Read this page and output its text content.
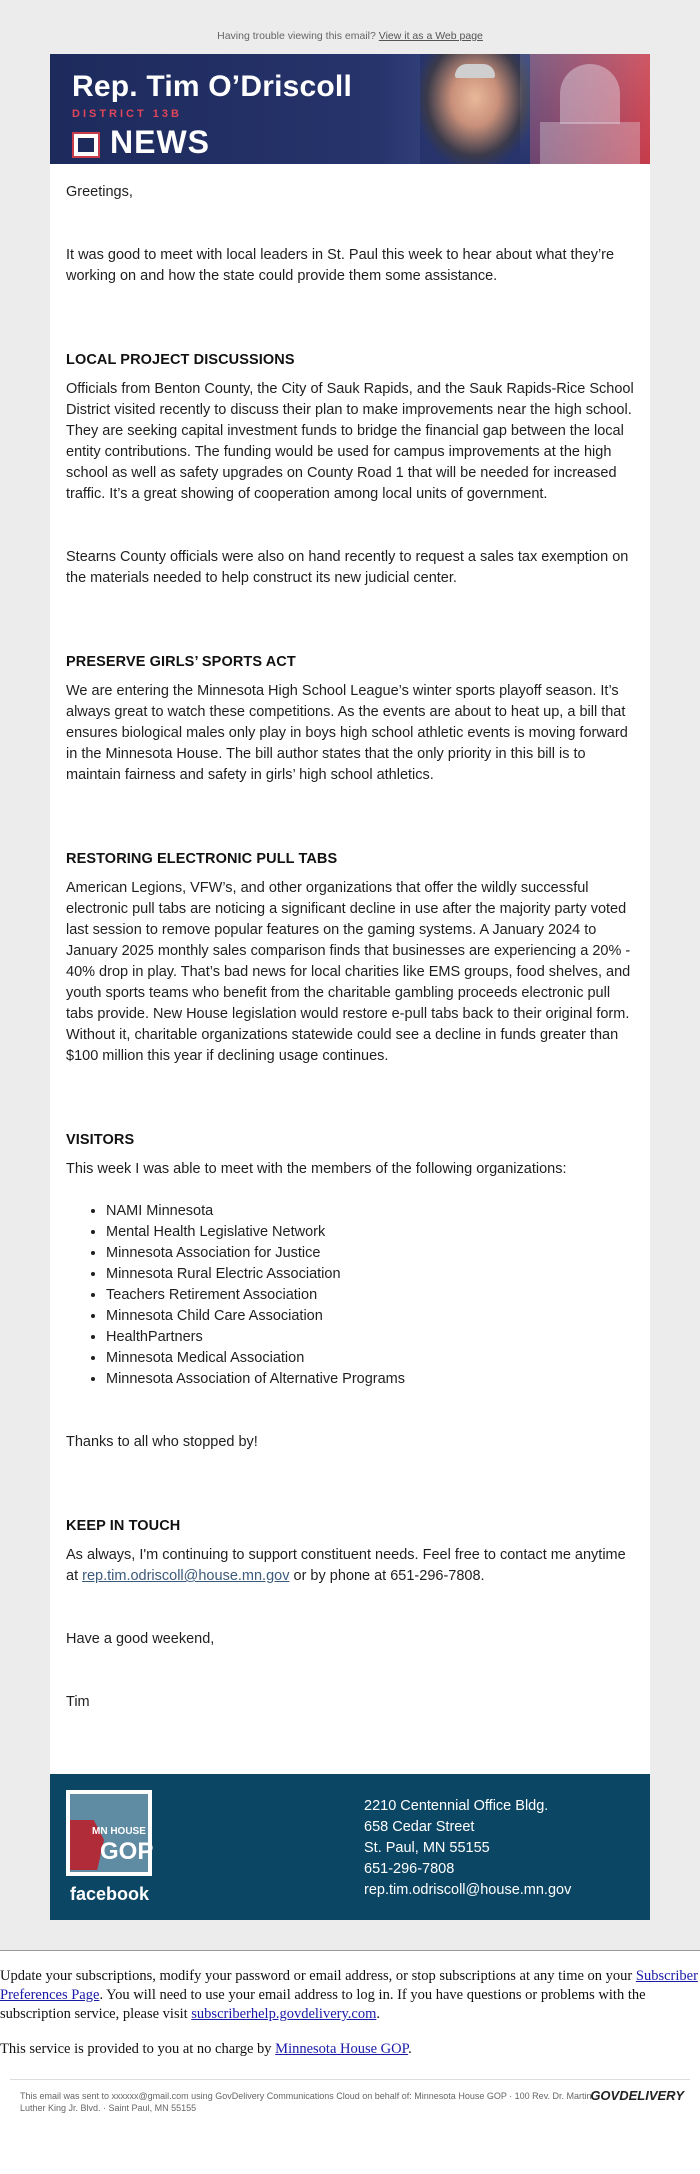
Having trouble viewing this email? View it as a Web page
Rep. Tim O’Driscoll
DISTRICT 13B
NEWS

Greetings,

It was good to meet with local leaders in St. Paul this week to hear about what they’re working on and how the state could provide them some assistance.

LOCAL PROJECT DISCUSSIONS

Officials from Benton County, the City of Sauk Rapids, and the Sauk Rapids-Rice School District visited recently to discuss their plan to make improvements near the high school. They are seeking capital investment funds to bridge the financial gap between the local entity contributions. The funding would be used for campus improvements at the high school as well as safety upgrades on County Road 1 that will be needed for increased traffic. It’s a great showing of cooperation among local units of government.

Stearns County officials were also on hand recently to request a sales tax exemption on the materials needed to help construct its new judicial center.

PRESERVE GIRLS’ SPORTS ACT

We are entering the Minnesota High School League’s winter sports playoff season. It’s always great to watch these competitions. As the events are about to heat up, a bill that ensures biological males only play in boys high school athletic events is moving forward in the Minnesota House. The bill author states that the only priority in this bill is to maintain fairness and safety in girls’ high school athletics.

RESTORING ELECTRONIC PULL TABS

American Legions, VFW’s, and other organizations that offer the wildly successful electronic pull tabs are noticing a significant decline in use after the majority party voted last session to remove popular features on the gaming systems. A January 2024 to January 2025 monthly sales comparison finds that businesses are experiencing a 20% - 40% drop in play. That’s bad news for local charities like EMS groups, food shelves, and youth sports teams who benefit from the charitable gambling proceeds electronic pull tabs provide. New House legislation would restore e-pull tabs back to their original form. Without it, charitable organizations statewide could see a decline in funds greater than $100 million this year if declining usage continues.

VISITORS

This week I was able to meet with the members of the following organizations:

• NAMI Minnesota
• Mental Health Legislative Network
• Minnesota Association for Justice
• Minnesota Rural Electric Association
• Teachers Retirement Association
• Minnesota Child Care Association
• HealthPartners
• Minnesota Medical Association
• Minnesota Association of Alternative Programs

Thanks to all who stopped by!

KEEP IN TOUCH

As always, I'm continuing to support constituent needs. Feel free to contact me anytime at rep.tim.odriscoll@house.mn.gov or by phone at 651-296-7808.

Have a good weekend,

Tim

MN HOUSE
GOP
facebook
2210 Centennial Office Bldg.
658 Cedar Street
St. Paul, MN 55155
651-296-7808
rep.tim.odriscoll@house.mn.gov

Update your subscriptions, modify your password or email address, or stop subscriptions at any time on your Subscriber Preferences Page. You will need to use your email address to log in. If you have questions or problems with the subscription service, please visit subscriberhelp.govdelivery.com.

This service is provided to you at no charge by Minnesota House GOP.

This email was sent to xxxxxx@gmail.com using GovDelivery Communications Cloud on behalf of: Minnesota House GOP · 100 Rev. Dr. Martin Luther King Jr. Blvd. · Saint Paul, MN 55155
GOVDELIVERY
